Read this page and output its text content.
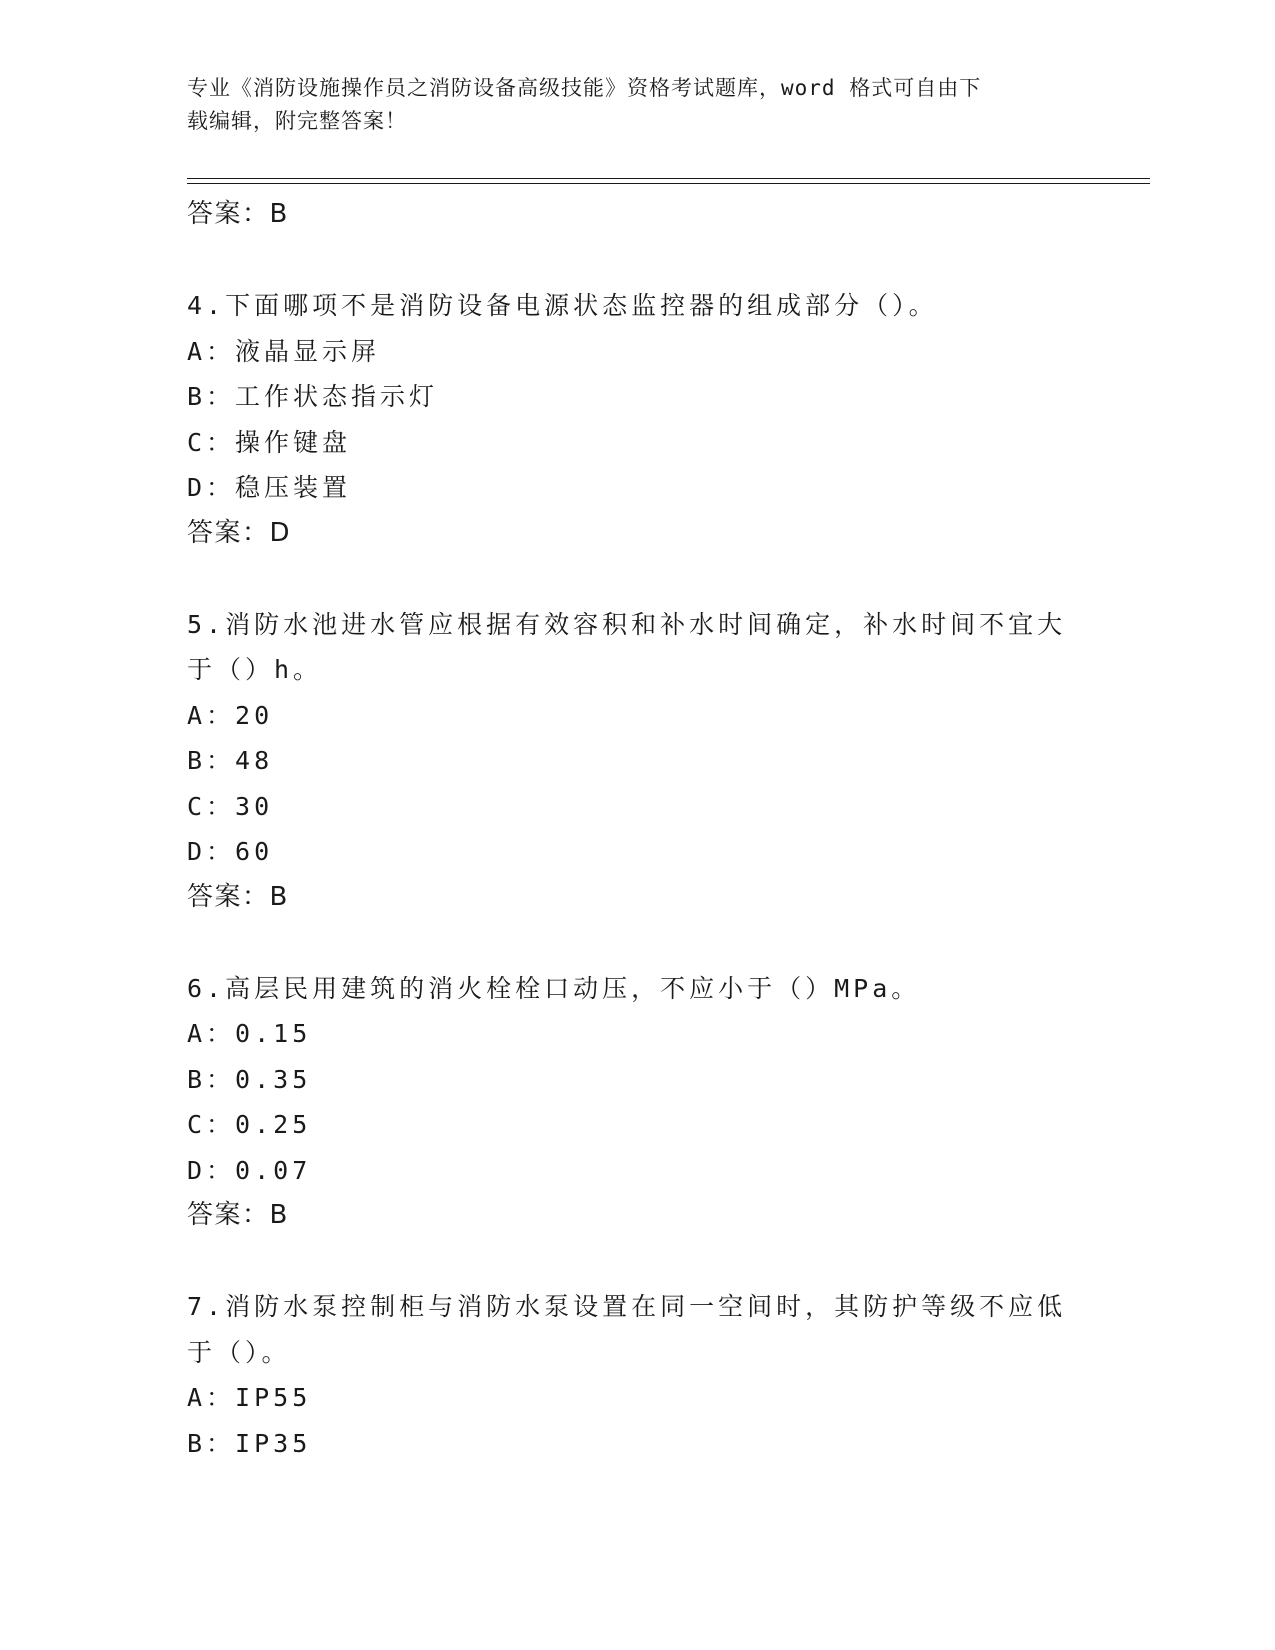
专业《消防设施操作员之消防设备高级技能》资格考试题库，word 格式可自由下
载编辑，附完整答案！
答案：B
4.下面哪项不是消防设备电源状态监控器的组成部分（）。
A：液晶显示屏
B：工作状态指示灯
C：操作键盘
D：稳压装置
答案：D
5.消防水池进水管应根据有效容积和补水时间确定，补水时间不宜大
于（）h。
A：20
B：48
C：30
D：60
答案：B
6.高层民用建筑的消火栓栓口动压，不应小于（）MPa。
A：0.15
B：0.35
C：0.25
D：0.07
答案：B
7.消防水泵控制柜与消防水泵设置在同一空间时，其防护等级不应低
于（）。
A：IP55
B：IP35
